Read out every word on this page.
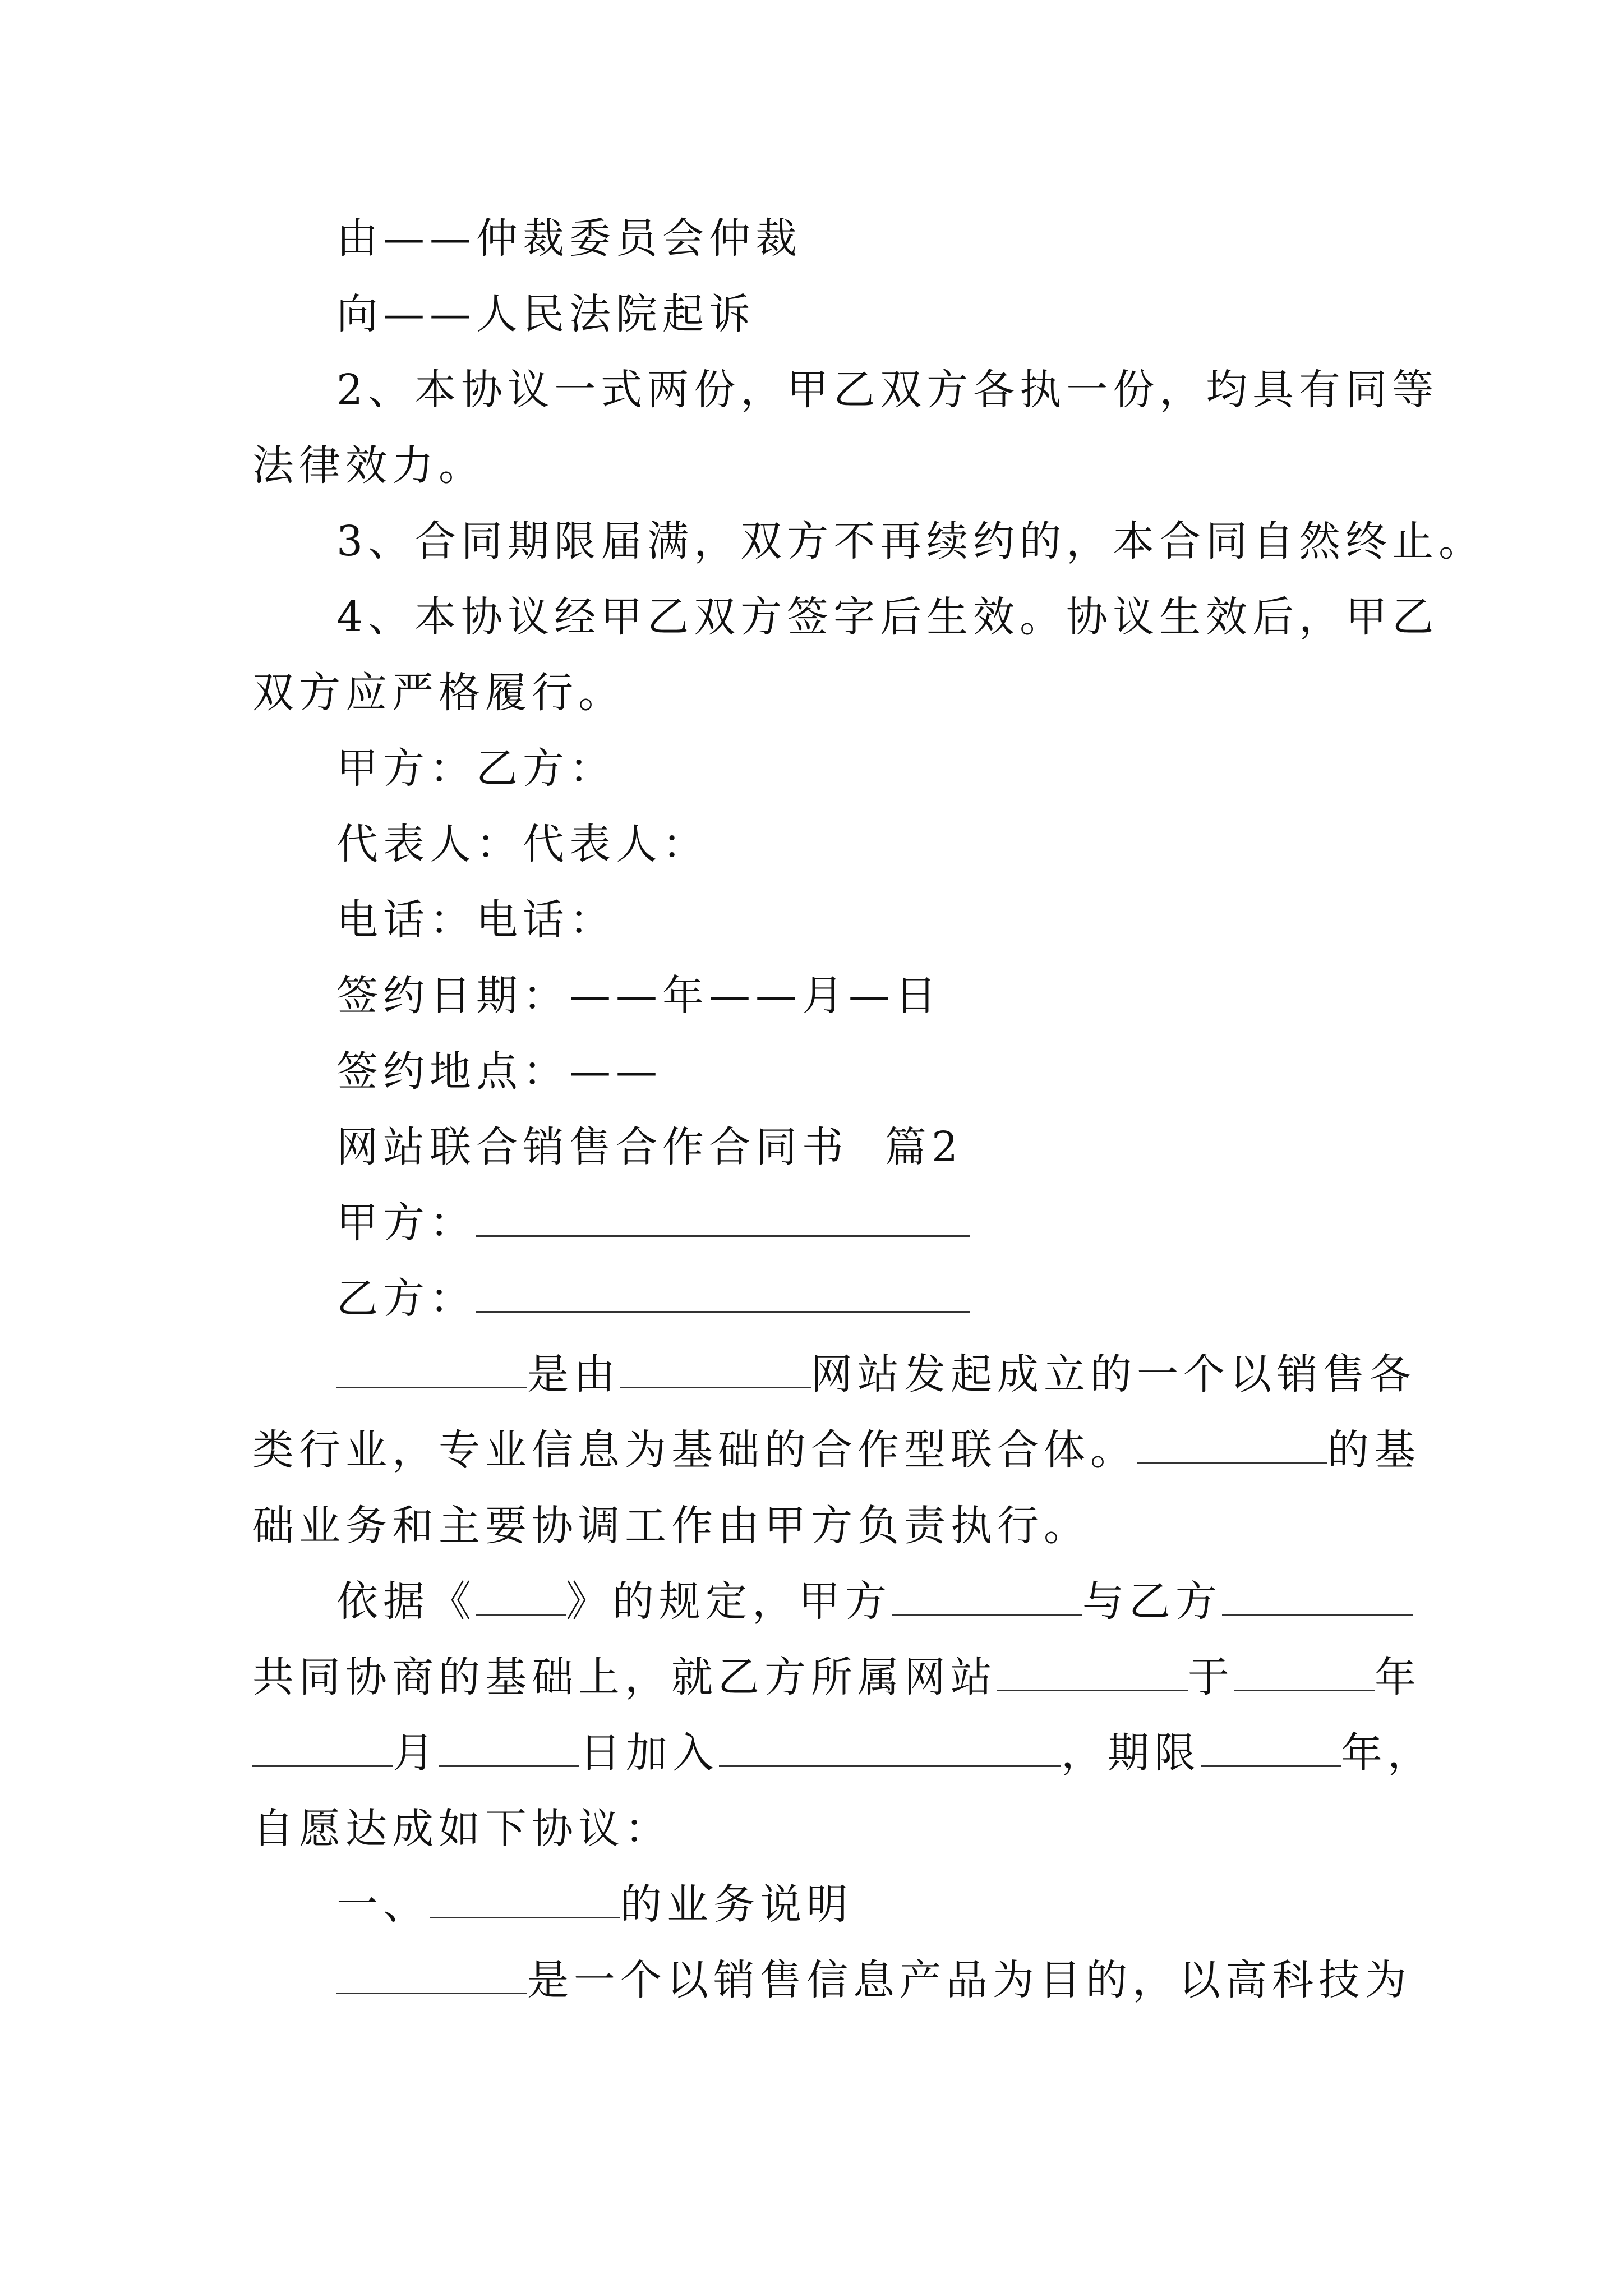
由——仲裁委员会仲裁
向——人民法院起诉
2、本协议一式两份，甲乙双方各执一份，均具有同等
法律效力。
3、合同期限届满，双方不再续约的，本合同自然终止。
4、本协议经甲乙双方签字后生效。协议生效后，甲乙
双方应严格履行。
甲方：乙方：
代表人：代表人：
电话：电话：
签约日期：——年——月—日
签约地点：——
网站联合销售合作合同书  篇2
甲方：
乙方：
是由	网站发起成立的一个以销售各
类行业，专业信息为基础的合作型联合体。	的基
础业务和主要协调工作由甲方负责执行。
依据《 》的规定，甲方	与乙方
共同协商的基础上，就乙方所属网站	于	年
月	日加入	，期限	年，
自愿达成如下协议：
一、	的业务说明
是一个以销售信息产品为目的，以高科技为
